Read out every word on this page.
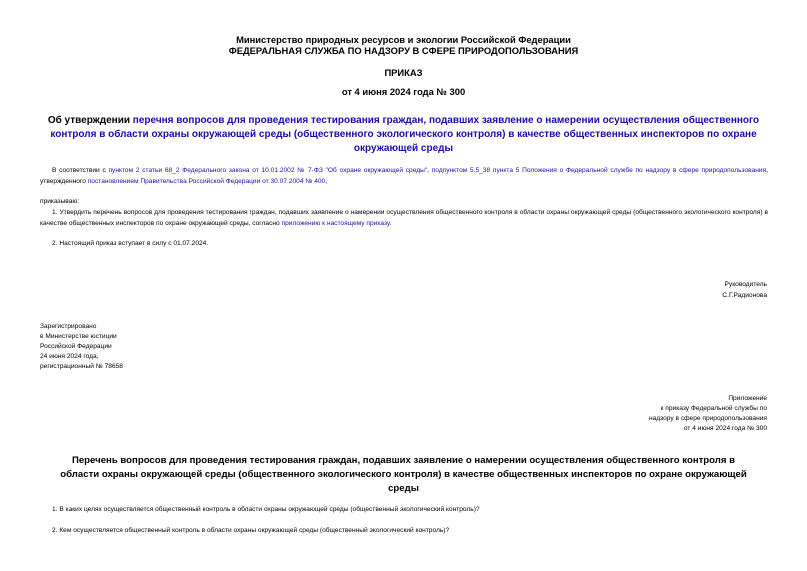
Министерство природных ресурсов и экологии Российской Федерации
ФЕДЕРАЛЬНАЯ СЛУЖБА ПО НАДЗОРУ В СФЕРЕ ПРИРОДОПОЛЬЗОВАНИЯ
ПРИКАЗ
от 4 июня 2024 года № 300
Об утверждении перечня вопросов для проведения тестирования граждан, подавших заявление о намерении осуществления общественного контроля в области охраны окружающей среды (общественного экологического контроля) в качестве общественных инспекторов по охране окружающей среды
В соответствии с пунктом 2 статьи 68_2 Федерального закона от 10.01.2002 № 7-ФЗ "Об охране окружающей среды", подпунктом 5.5_38 пункта 5 Положения о Федеральной службе по надзору в сфере природопользования, утвержденного постановлением Правительства Российской Федерации от 30.07.2004 № 400,
приказываю:
1. Утвердить перечень вопросов для проведения тестирования граждан, подавших заявление о намерении осуществления общественного контроля в области охраны окружающей среды (общественного экологического контроля) в качестве общественных инспекторов по охране окружающей среды, согласно приложению к настоящему приказу.
2. Настоящий приказ вступает в силу с 01.07.2024.
Руководитель
С.Г.Радионова
Зарегистрировано
в Министерстве юстиции
Российской Федерации
24 июня 2024 года,
регистрационный № 78658
Приложение
к приказу Федеральной службы по
надзору в сфере природопользования
от 4 июня 2024 года № 300
Перечень вопросов для проведения тестирования граждан, подавших заявление о намерении осуществления общественного контроля в области охраны окружающей среды (общественного экологического контроля) в качестве общественных инспекторов по охране окружающей среды
1. В каких целях осуществляется общественный контроль в области охраны окружающей среды (общественный экологический контроль)?
2. Кем осуществляется общественный контроль в области охраны окружающей среды (общественный экологический контроль)?
